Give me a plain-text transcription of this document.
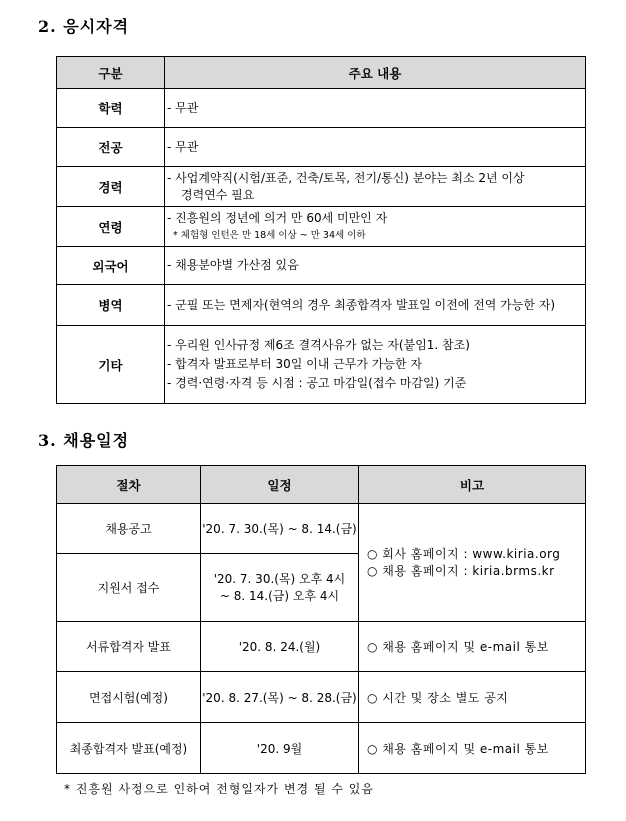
2. 응시자격
구분	주요 내용
학력	- 무관
전공	- 무관
경력	- 사업계약직(시험/표준, 건축/토목, 전기/통신) 분야는 최소 2년 이상
경력연수 필요

연령	- 진흥원의 정년에 의거 만 60세 미만인 자
* 체험형 인턴은 만 18세 이상 ~ 만 34세 이하

외국어	- 채용분야별 가산점 있음
병역	- 군필 또는 면제자(현역의 경우 최종합격자 발표일 이전에 전역 가능한 자)
기타	- 우리원 인사규정 제6조 결격사유가 없는 자(붙임1. 참조)
- 합격자 발표로부터 30일 이내 근무가 가능한 자
- 경력·연령·자격 등 시점 : 공고 마감일(접수 마감일) 기준
3. 채용일정
절차	일정	비고
채용공고	'20. 7. 30.(목) ~ 8. 14.(금)	○ 회사 홈페이지 : www.kiria.org
○ 채용 홈페이지 : kiria.brms.kr

지원서 접수	'20. 7. 30.(목) 오후 4시
~ 8. 14.(금) 오후 4시	

서류합격자 발표	'20. 8. 24.(월)	○ 채용 홈페이지 및 e-mail 통보
면접시험(예정)	'20. 8. 27.(목) ~ 8. 28.(금)	○ 시간 및 장소 별도 공지
최종합격자 발표(예정)	'20. 9월	○ 채용 홈페이지 및 e-mail 통보
* 진흥원 사정으로 인하여 전형일자가 변경 될 수 있음
